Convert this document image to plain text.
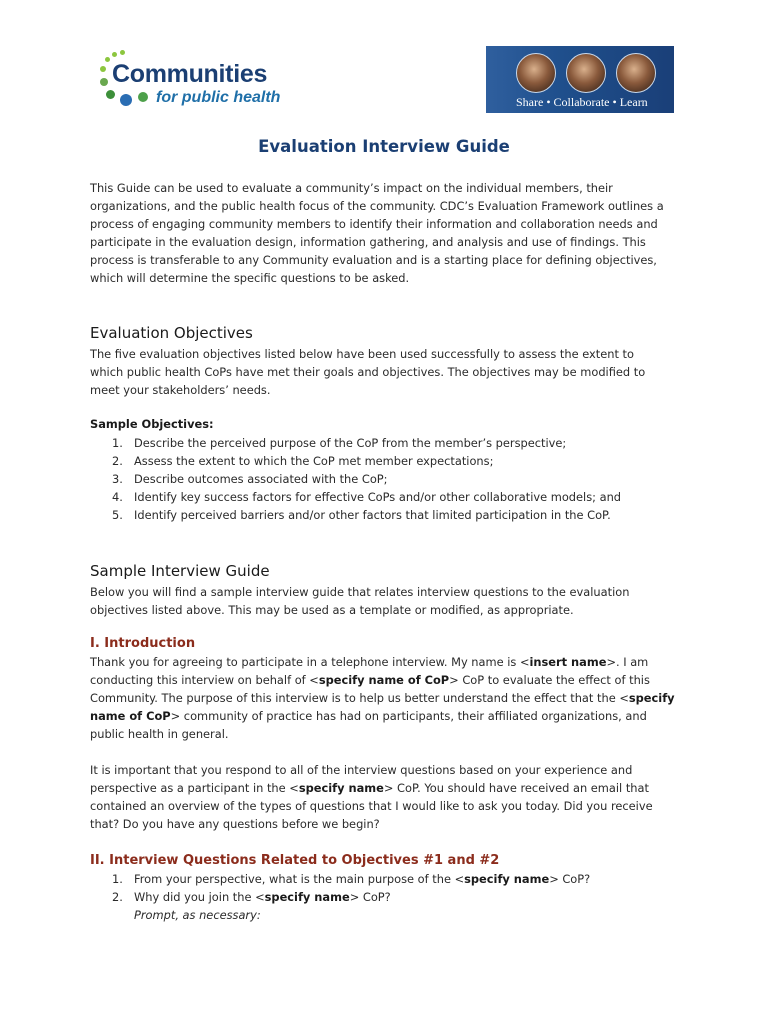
Communities
for public health	Share • Collaborate • Learn
Evaluation Interview Guide
This Guide can be used to evaluate a community’s impact on the individual members, their organizations, and the public health focus of the community. CDC’s Evaluation Framework outlines a process of engaging community members to identify their information and collaboration needs and participate in the evaluation design, information gathering, and analysis and use of findings. This process is transferable to any Community evaluation and is a starting place for defining objectives, which will determine the specific questions to be asked.
Evaluation Objectives
The five evaluation objectives listed below have been used successfully to assess the extent to which public health CoPs have met their goals and objectives. The objectives may be modified to meet your stakeholders’ needs.
Sample Objectives:
1. Describe the perceived purpose of the CoP from the member’s perspective;
2. Assess the extent to which the CoP met member expectations;
3. Describe outcomes associated with the CoP;
4. Identify key success factors for effective CoPs and/or other collaborative models; and
5. Identify perceived barriers and/or other factors that limited participation in the CoP.
Sample Interview Guide
Below you will find a sample interview guide that relates interview questions to the evaluation objectives listed above. This may be used as a template or modified, as appropriate.
I. Introduction
Thank you for agreeing to participate in a telephone interview. My name is <insert name>. I am conducting this interview on behalf of <specify name of CoP> CoP to evaluate the effect of this Community. The purpose of this interview is to help us better understand the effect that the <specify name of CoP> community of practice has had on participants, their affiliated organizations, and public health in general.
It is important that you respond to all of the interview questions based on your experience and perspective as a participant in the <specify name> CoP. You should have received an email that contained an overview of the types of questions that I would like to ask you today. Did you receive that? Do you have any questions before we begin?
II. Interview Questions Related to Objectives #1 and #2
1. From your perspective, what is the main purpose of the <specify name> CoP?
2. Why did you join the <specify name> CoP?
Prompt, as necessary:
